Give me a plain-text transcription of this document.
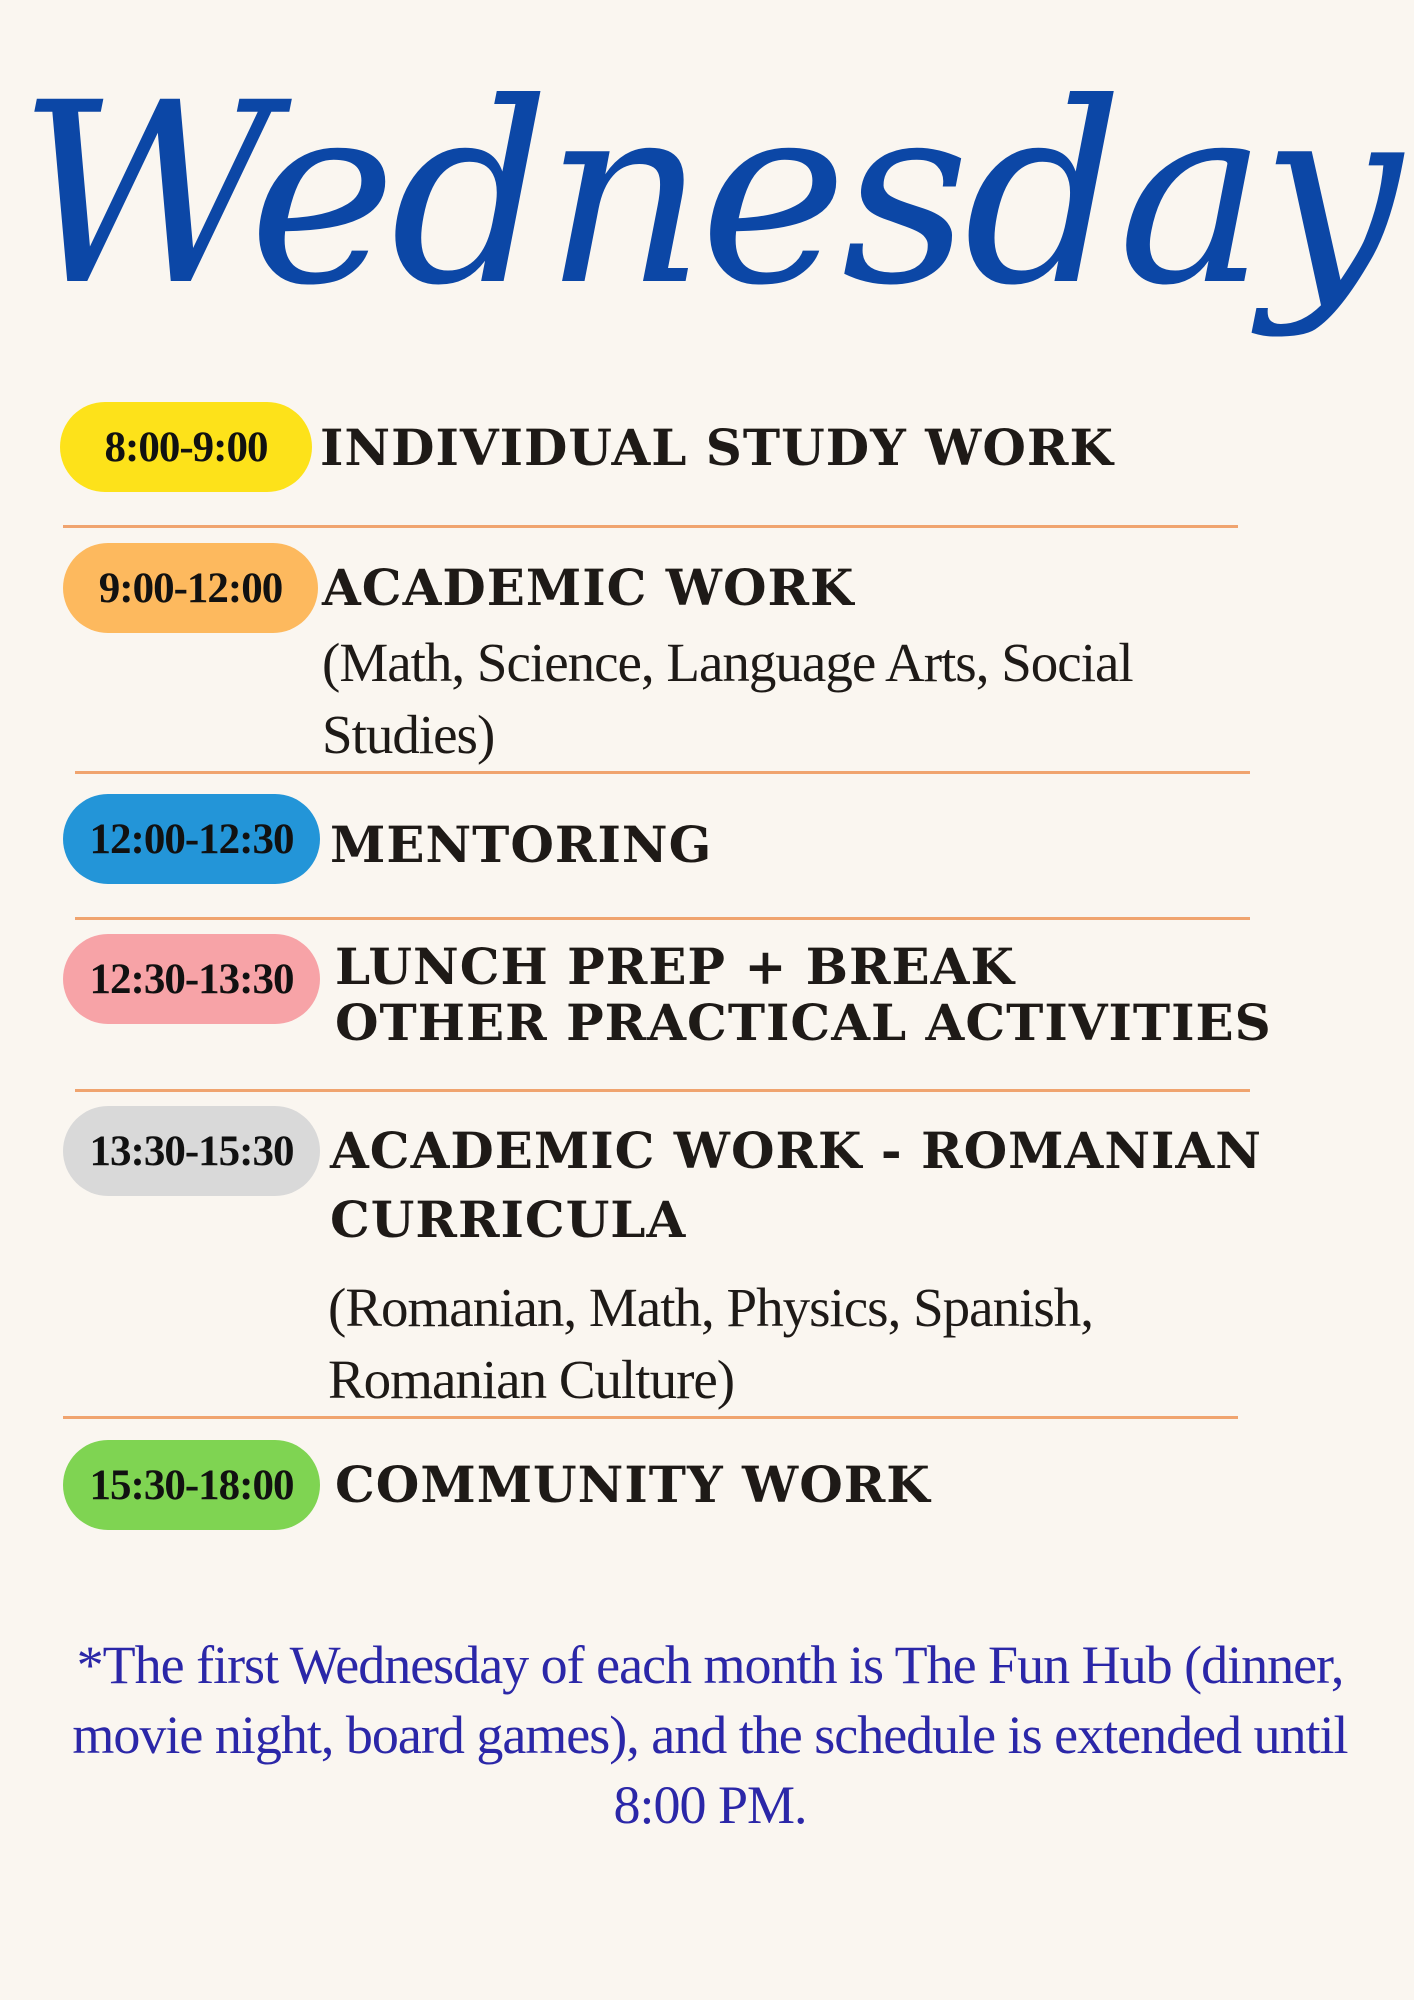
Wednesday
8:00-9:00	INDIVIDUAL STUDY WORK
9:00-12:00 ACADEMIC WORK
(Math, Science, Language Arts, Social Studies)
12:00-12:30 MENTORING
12:30-13:30 LUNCH PREP + BREAK
OTHER PRACTICAL ACTIVITIES
13:30-15:30 ACADEMIC WORK - ROMANIAN
CURRICULA
(Romanian, Math, Physics, Spanish, Romanian Culture)
15:30-18:00 COMMUNITY WORK
*The first Wednesday of each month is The Fun Hub (dinner, movie night, board games), and the schedule is extended until 8:00 PM.
